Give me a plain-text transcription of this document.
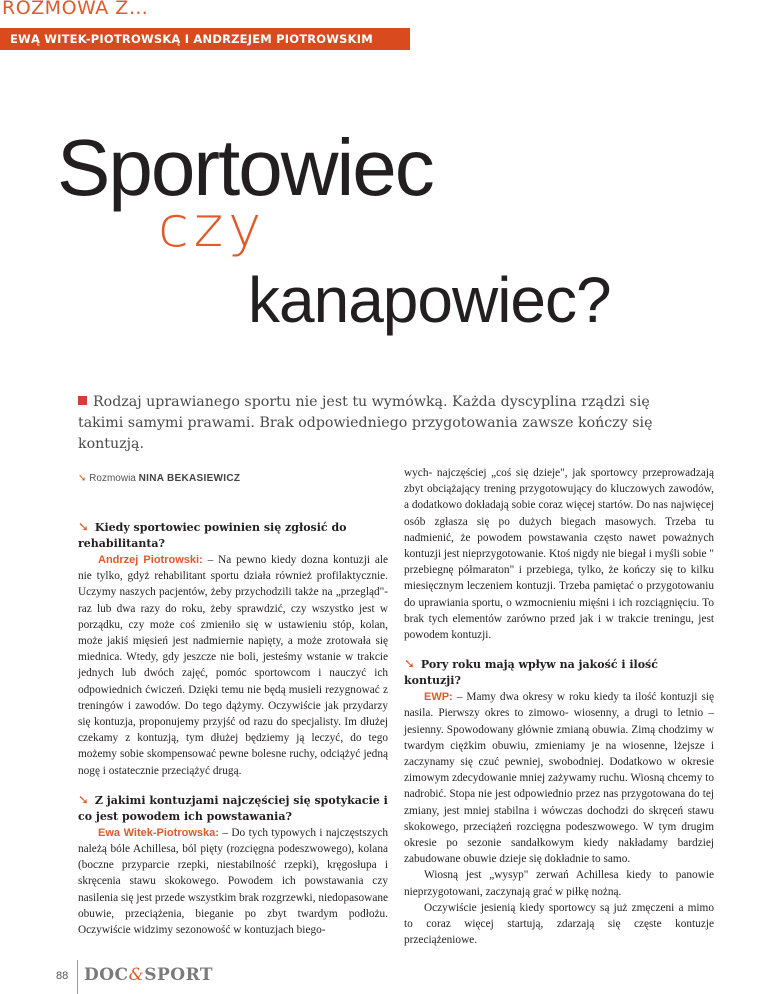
ROZMOWA Z…
EWĄ WITEK-PIOTROWSKĄ I ANDRZEJEM PIOTROWSKIM
Sportowiec
czy
kanapowiec?
Rodzaj uprawianego sportu nie jest tu wymówką. Każda dyscyplina rządzi się takimi samymi prawami. Brak odpowiedniego przygotowania zawsze kończy się kontuzją.
➘ Rozmowia NINA BEKASIEWICZ

➘ Kiedy sportowiec powinien się zgłosić do rehabilitanta?

Andrzej Piotrowski: – Na pewno kiedy dozna kontuzji ale nie tylko, gdyż rehabilitant sportu działa również profilaktycznie. Uczymy naszych pacjentów, żeby przychodzili także na „przegląd"- raz lub dwa razy do roku, żeby sprawdzić, czy wszystko jest w porządku, czy może coś zmieniło się w ustawieniu stóp, kolan, może jakiś mięsień jest nadmiernie napięty, a może zrotowała się miednica. Wtedy, gdy jeszcze nie boli, jesteśmy wstanie w trakcie jednych lub dwóch zajęć, pomóc sportowcom i nauczyć ich odpowiednich ćwiczeń. Dzięki temu nie będą musieli rezygnować z treningów i zawodów. Do tego dążymy. Oczywiście jak przydarzy się kontuzja, proponujemy przyjść od razu do specjalisty. Im dłużej czekamy z kontuzją, tym dłużej będziemy ją leczyć, do tego możemy sobie skompensować pewne bolesne ruchy, odciążyć jedną nogę i ostatecznie przeciążyć drugą.

➘ Z jakimi kontuzjami najczęściej się spotykacie i co jest powodem ich powstawania?

Ewa Witek-Piotrowska: – Do tych typowych i najczęstszych należą bóle Achillesa, ból pięty (rozcięgna podeszwowego), kolana (boczne przyparcie rzepki, niestabilność rzepki), kręgosłupa i skręcenia stawu skokowego. Powodem ich powstawania czy nasilenia się jest przede wszystkim brak rozgrzewki, niedopasowane obuwie, przeciążenia, bieganie po zbyt twardym podłożu. Oczywiście widzimy sezonowość w kontuzjach biego-

wych- najczęściej „coś się dzieje", jak sportowcy przeprowadzają zbyt obciążający trening przygotowujący do kluczowych zawodów, a dodatkowo dokładają sobie coraz więcej startów. Do nas najwięcej osób zgłasza się po dużych biegach masowych. Trzeba tu nadmienić, że powodem powstawania często nawet poważnych kontuzji jest nieprzygotowanie. Ktoś nigdy nie biegał i myśli sobie " przebiegnę półmaraton" i przebiega, tylko, że kończy się to kilku miesięcznym leczeniem kontuzji. Trzeba pamiętać o przygotowaniu do uprawiania sportu, o wzmocnieniu mięśni i ich rozciągnięciu. To brak tych elementów zarówno przed jak i w trakcie treningu, jest powodem kontuzji.

➘ Pory roku mają wpływ na jakość i ilość kontuzji?

EWP: – Mamy dwa okresy w roku kiedy ta ilość kontuzji się nasila. Pierwszy okres to zimowo- wiosenny, a drugi to letnio – jesienny. Spowodowany głównie zmianą obuwia. Zimą chodzimy w twardym ciężkim obuwiu, zmieniamy je na wiosenne, lżejsze i zaczynamy się czuć pewniej, swobodniej. Dodatkowo w okresie zimowym zdecydowanie mniej zażywamy ruchu. Wiosną chcemy to nadrobić. Stopa nie jest odpowiednio przez nas przygotowana do tej zmiany, jest mniej stabilna i wówczas dochodzi do skręceń stawu skokowego, przeciążeń rozcięgna podeszwowego. W tym drugim okresie po sezonie sandałkowym kiedy nakładamy bardziej zabudowane obuwie dzieje się dokładnie to samo.

Wiosną jest „wysyp" zerwań Achillesa kiedy to panowie nieprzygotowani, zaczynają grać w piłkę nożną.

Oczywiście jesienią kiedy sportowcy są już zmęczeni a mimo to coraz więcej startują, zdarzają się częste kontuzje przeciążeniowe.

88 DOC&SPORT
